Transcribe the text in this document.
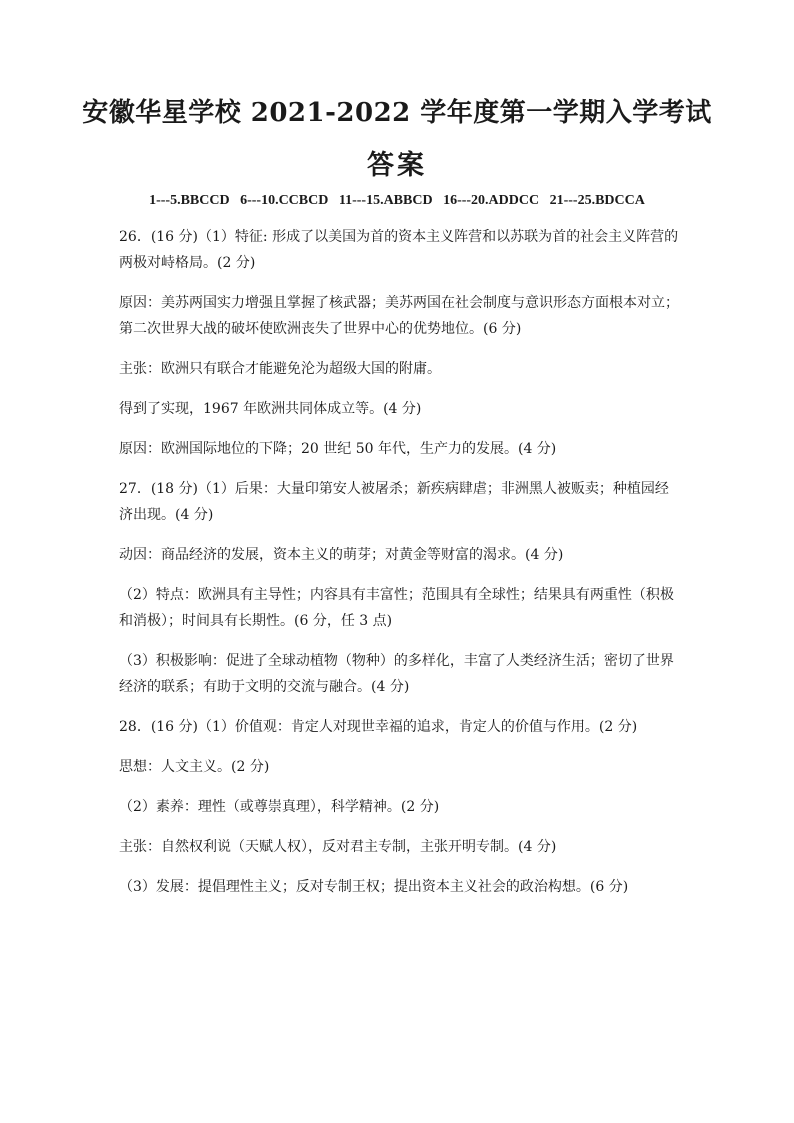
安徽华星学校 2021-2022 学年度第一学期入学考试
答案
1---5.BBCCD   6---10.CCBCD   11---15.ABBCD   16---20.ADDCC   21---25.BDCCA

26．(16 分)（1）特征: 形成了以美国为首的资本主义阵营和以苏联为首的社会主义阵营的两极对峙格局。(2 分)

原因：美苏两国实力增强且掌握了核武器；美苏两国在社会制度与意识形态方面根本对立；第二次世界大战的破坏使欧洲丧失了世界中心的优势地位。(6 分)

主张：欧洲只有联合才能避免沦为超级大国的附庸。

得到了实现，1967 年欧洲共同体成立等。(4 分)

原因：欧洲国际地位的下降；20 世纪 50 年代，生产力的发展。(4 分)

27．(18 分)（1）后果：大量印第安人被屠杀；新疾病肆虐；非洲黑人被贩卖；种植园经济出现。(4 分)

动因：商品经济的发展，资本主义的萌芽；对黄金等财富的渴求。(4 分)

（2）特点：欧洲具有主导性；内容具有丰富性；范围具有全球性；结果具有两重性（积极和消极）；时间具有长期性。(6 分，任 3 点)

（3）积极影响：促进了全球动植物（物种）的多样化，丰富了人类经济生活；密切了世界经济的联系；有助于文明的交流与融合。(4 分)

28．(16 分)（1）价值观：肯定人对现世幸福的追求，肯定人的价值与作用。(2 分)

思想：人文主义。(2 分)

（2）素养：理性（或尊崇真理），科学精神。(2 分)

主张：自然权利说（天赋人权），反对君主专制，主张开明专制。(4 分)

（3）发展：提倡理性主义；反对专制王权；提出资本主义社会的政治构想。(6 分)
